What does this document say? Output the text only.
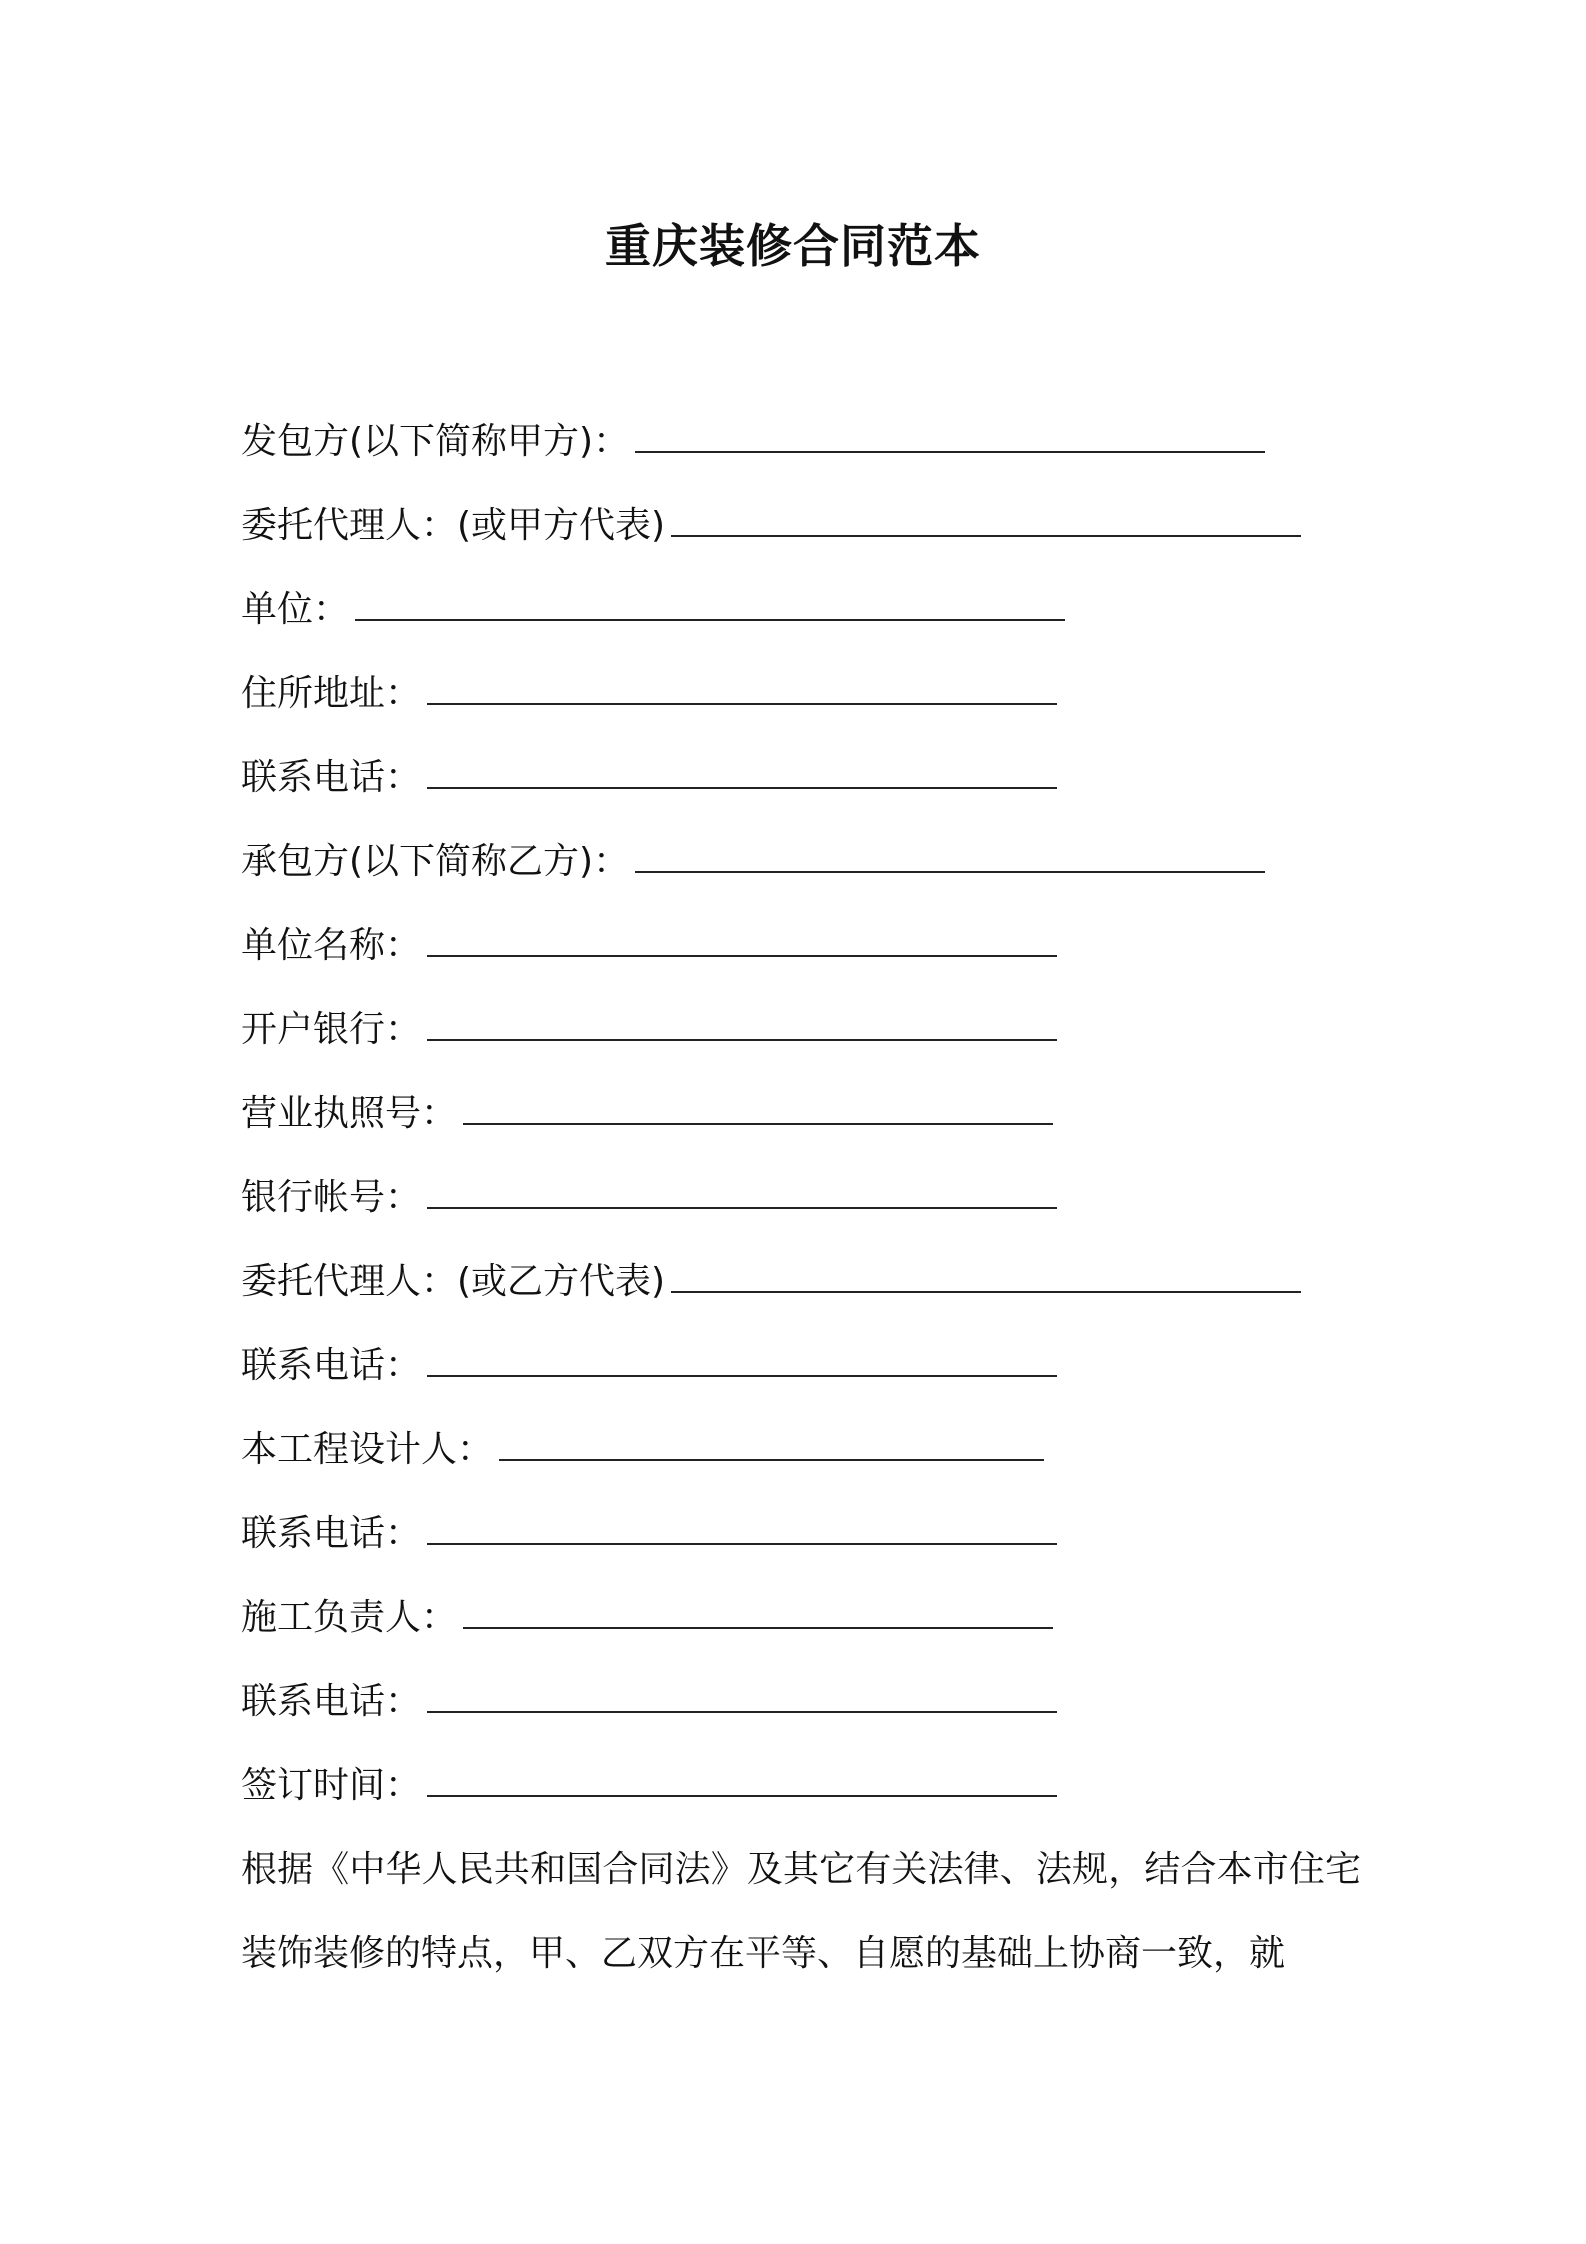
重庆装修合同范本
发包方(以下简称甲方)：
委托代理人：(或甲方代表)
单位：
住所地址：
联系电话：
承包方(以下简称乙方)：
单位名称：
开户银行：
营业执照号：
银行帐号：
委托代理人：(或乙方代表)
联系电话：
本工程设计人：
联系电话：
施工负责人：
联系电话：
签订时间：
根据《中华人民共和国合同法》及其它有关法律、法规，结合本市住宅装饰装修的特点，甲、乙双方在平等、自愿的基础上协商一致，就
